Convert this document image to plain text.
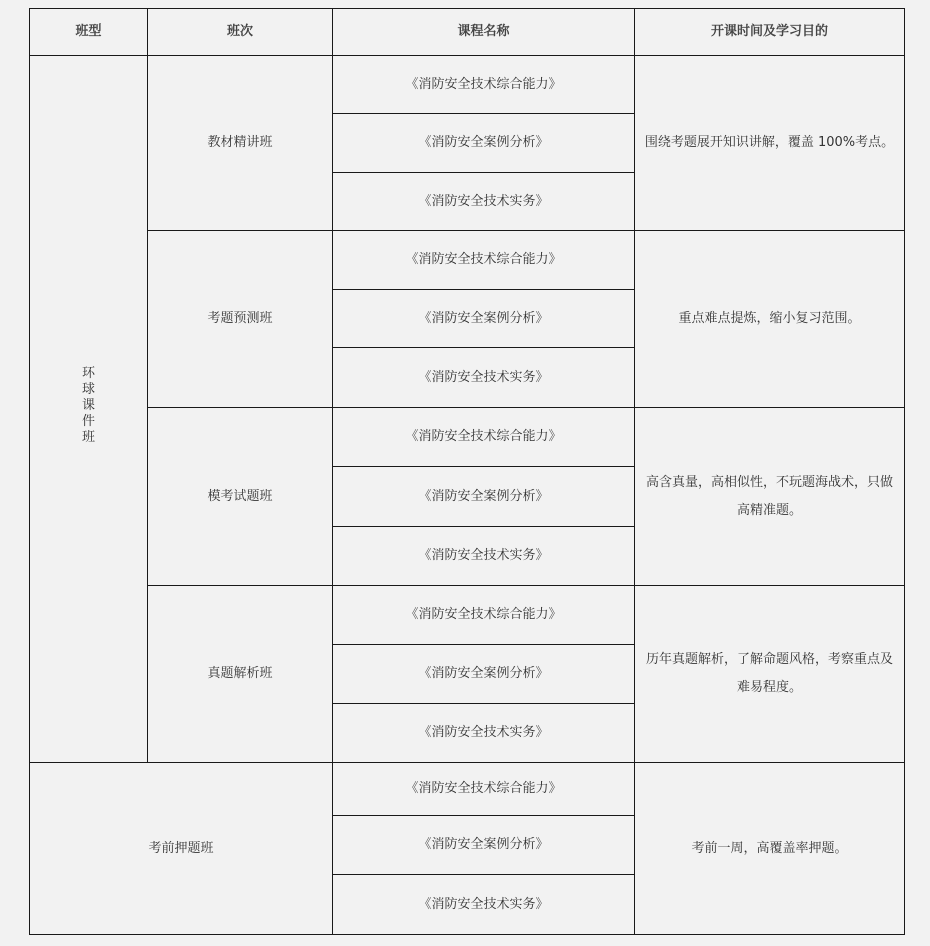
班型	班次	课程名称	开课时间及学习目的
环球课件班	教材精讲班	《消防安全技术综合能力》	围绕考题展开知识讲解，覆盖 100%考点。
		《消防安全案例分析》	
		《消防安全技术实务》	
	考题预测班	《消防安全技术综合能力》	重点难点提炼，缩小复习范围。
		《消防安全案例分析》	
		《消防安全技术实务》	
	模考试题班	《消防安全技术综合能力》	高含真量，高相似性，不玩题海战术，只做高精准题。
		《消防安全案例分析》	
		《消防安全技术实务》	
	真题解析班	《消防安全技术综合能力》	历年真题解析，了解命题风格，考察重点及难易程度。
		《消防安全案例分析》	
		《消防安全技术实务》	
考前押题班		《消防安全技术综合能力》	考前一周，高覆盖率押题。
		《消防安全案例分析》	
		《消防安全技术实务》	
